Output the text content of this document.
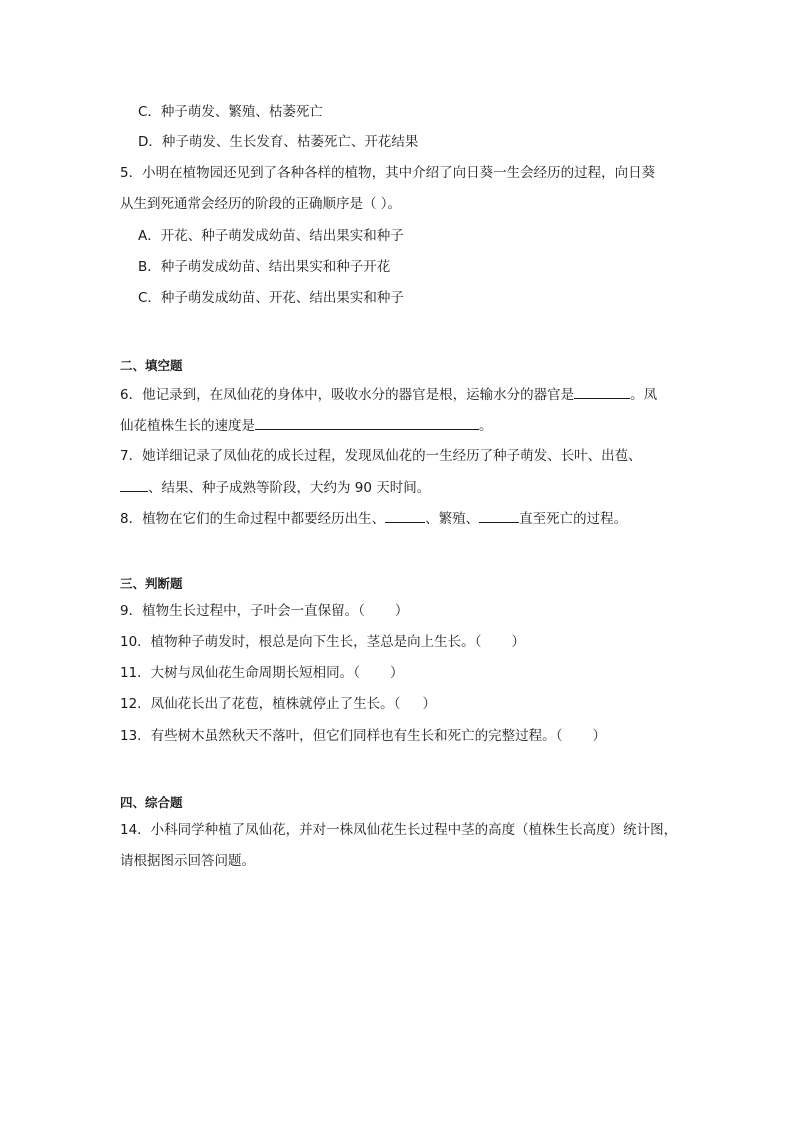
C．种子萌发、繁殖、枯萎死亡
D．种子萌发、生长发育、枯萎死亡、开花结果
5．小明在植物园还见到了各种各样的植物，其中介绍了向日葵一生会经历的过程，向日葵
从生到死通常会经历的阶段的正确顺序是（ ）。
A．开花、种子萌发成幼苗、结出果实和种子
B．种子萌发成幼苗、结出果实和种子开花
C．种子萌发成幼苗、开花、结出果实和种子
二、填空题
6．他记录到，在凤仙花的身体中，吸收水分的器官是根，运输水分的器官是	。凤
仙花植株生长的速度是	。
7．她详细记录了凤仙花的成长过程，发现凤仙花的一生经历了种子萌发、长叶、出苞、
、结果、种子成熟等阶段，大约为 90 天时间。
8．植物在它们的生命过程中都要经历出生、	、繁殖、	直至死亡的过程。
三、判断题
9．植物生长过程中，子叶会一直保留。（ ）
10．植物种子萌发时，根总是向下生长，茎总是向上生长。（ ）
11．大树与凤仙花生命周期长短相同。（ ）
12．凤仙花长出了花苞，植株就停止了生长。（ ）
13．有些树木虽然秋天不落叶，但它们同样也有生长和死亡的完整过程。（ ）
四、综合题
14．小科同学种植了凤仙花，并对一株凤仙花生长过程中茎的高度（植株生长高度）统计图，
请根据图示回答问题。
